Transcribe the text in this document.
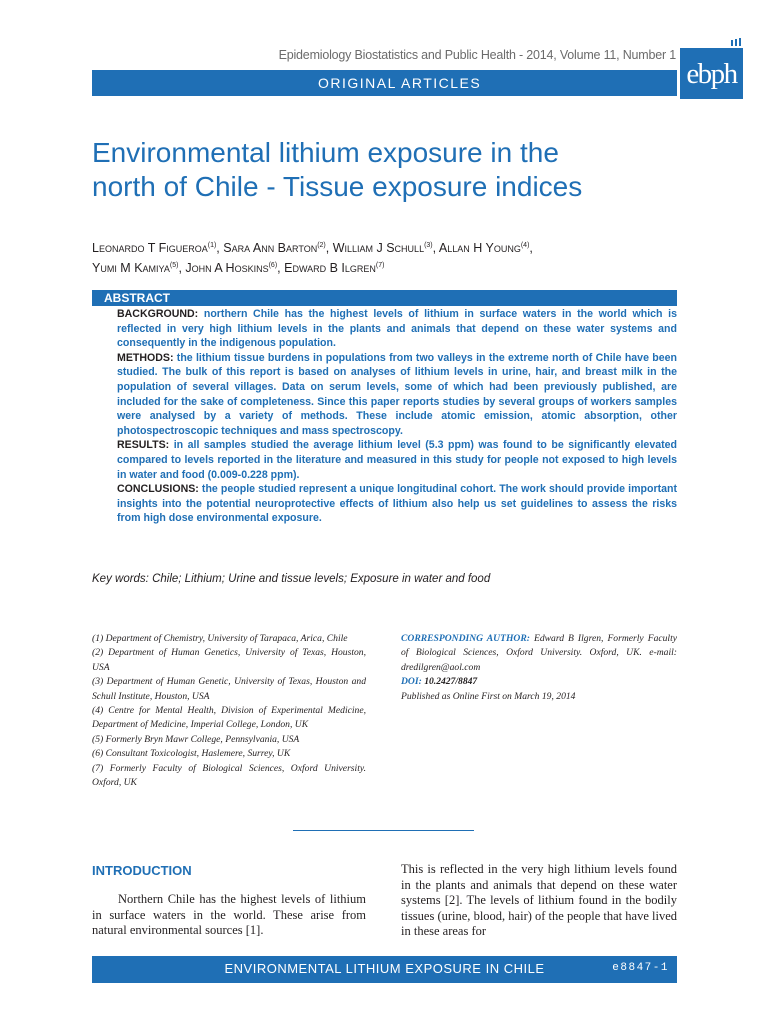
Epidemiology Biostatistics and Public Health - 2014, Volume 11, Number 1
ORIGINAL ARTICLES	ebph
Environmental lithium exposure in the
north of Chile - Tissue exposure indices
Leonardo T Figueroa$^{(1)}$, Sara Ann Barton$^{(2)}$, William J Schull$^{(3)}$, Allan H Young$^{(4)}$,
Yumi M Kamiya$^{(5)}$, John A Hoskins$^{(6)}$, Edward B Ilgren$^{(7)}$
ABSTRACT
BACKGROUND: northern Chile has the highest levels of lithium in surface waters in the world which is reflected in very high lithium levels in the plants and animals that depend on these water systems and consequently in the indigenous population.
METHODS: the lithium tissue burdens in populations from two valleys in the extreme north of Chile have been studied. The bulk of this report is based on analyses of lithium levels in urine, hair, and breast milk in the population of several villages. Data on serum levels, some of which had been previously published, are included for the sake of completeness. Since this paper reports studies by several groups of workers samples were analysed by a variety of methods. These include atomic emission, atomic absorption, other photospectroscopic techniques and mass spectroscopy.
RESULTS: in all samples studied the average lithium level (5.3 ppm) was found to be significantly elevated compared to levels reported in the literature and measured in this study for people not exposed to high levels in water and food (0.009-0.228 ppm).
CONCLUSIONS: the people studied represent a unique longitudinal cohort. The work should provide important insights into the potential neuroprotective effects of lithium also help us set guidelines to assess the risks from high dose environmental exposure.
Key words: Chile; Lithium; Urine and tissue levels; Exposure in water and food
(1) Department of Chemistry, University of Tarapaca, Arica, Chile
(2) Department of Human Genetics, University of Texas, Houston, USA
(3) Department of Human Genetic, University of Texas, Houston and Schull Institute, Houston, USA
(4) Centre for Mental Health, Division of Experimental Medicine, Department of Medicine, Imperial College, London, UK
(5) Formerly Bryn Mawr College, Pennsylvania, USA
(6) Consultant Toxicologist, Haslemere, Surrey, UK
(7) Formerly Faculty of Biological Sciences, Oxford University. Oxford, UK
CORRESPONDING AUTHOR: Edward B Ilgren, Formerly Faculty of Biological Sciences, Oxford University. Oxford, UK. e-mail: dredilgren@aol.com
DOI: 10.2427/8847
Published as Online First on March 19, 2014
INTRODUCTION
Northern Chile has the highest levels of lithium in surface waters in the world. These arise from natural environmental sources [1].
This is reflected in the very high lithium levels found in the plants and animals that depend on these water systems [2]. The levels of lithium found in the bodily tissues (urine, blood, hair) of the people that have lived in these areas for
ENVIRONMENTAL LITHIUM EXPOSURE IN CHILE	e8847-1
